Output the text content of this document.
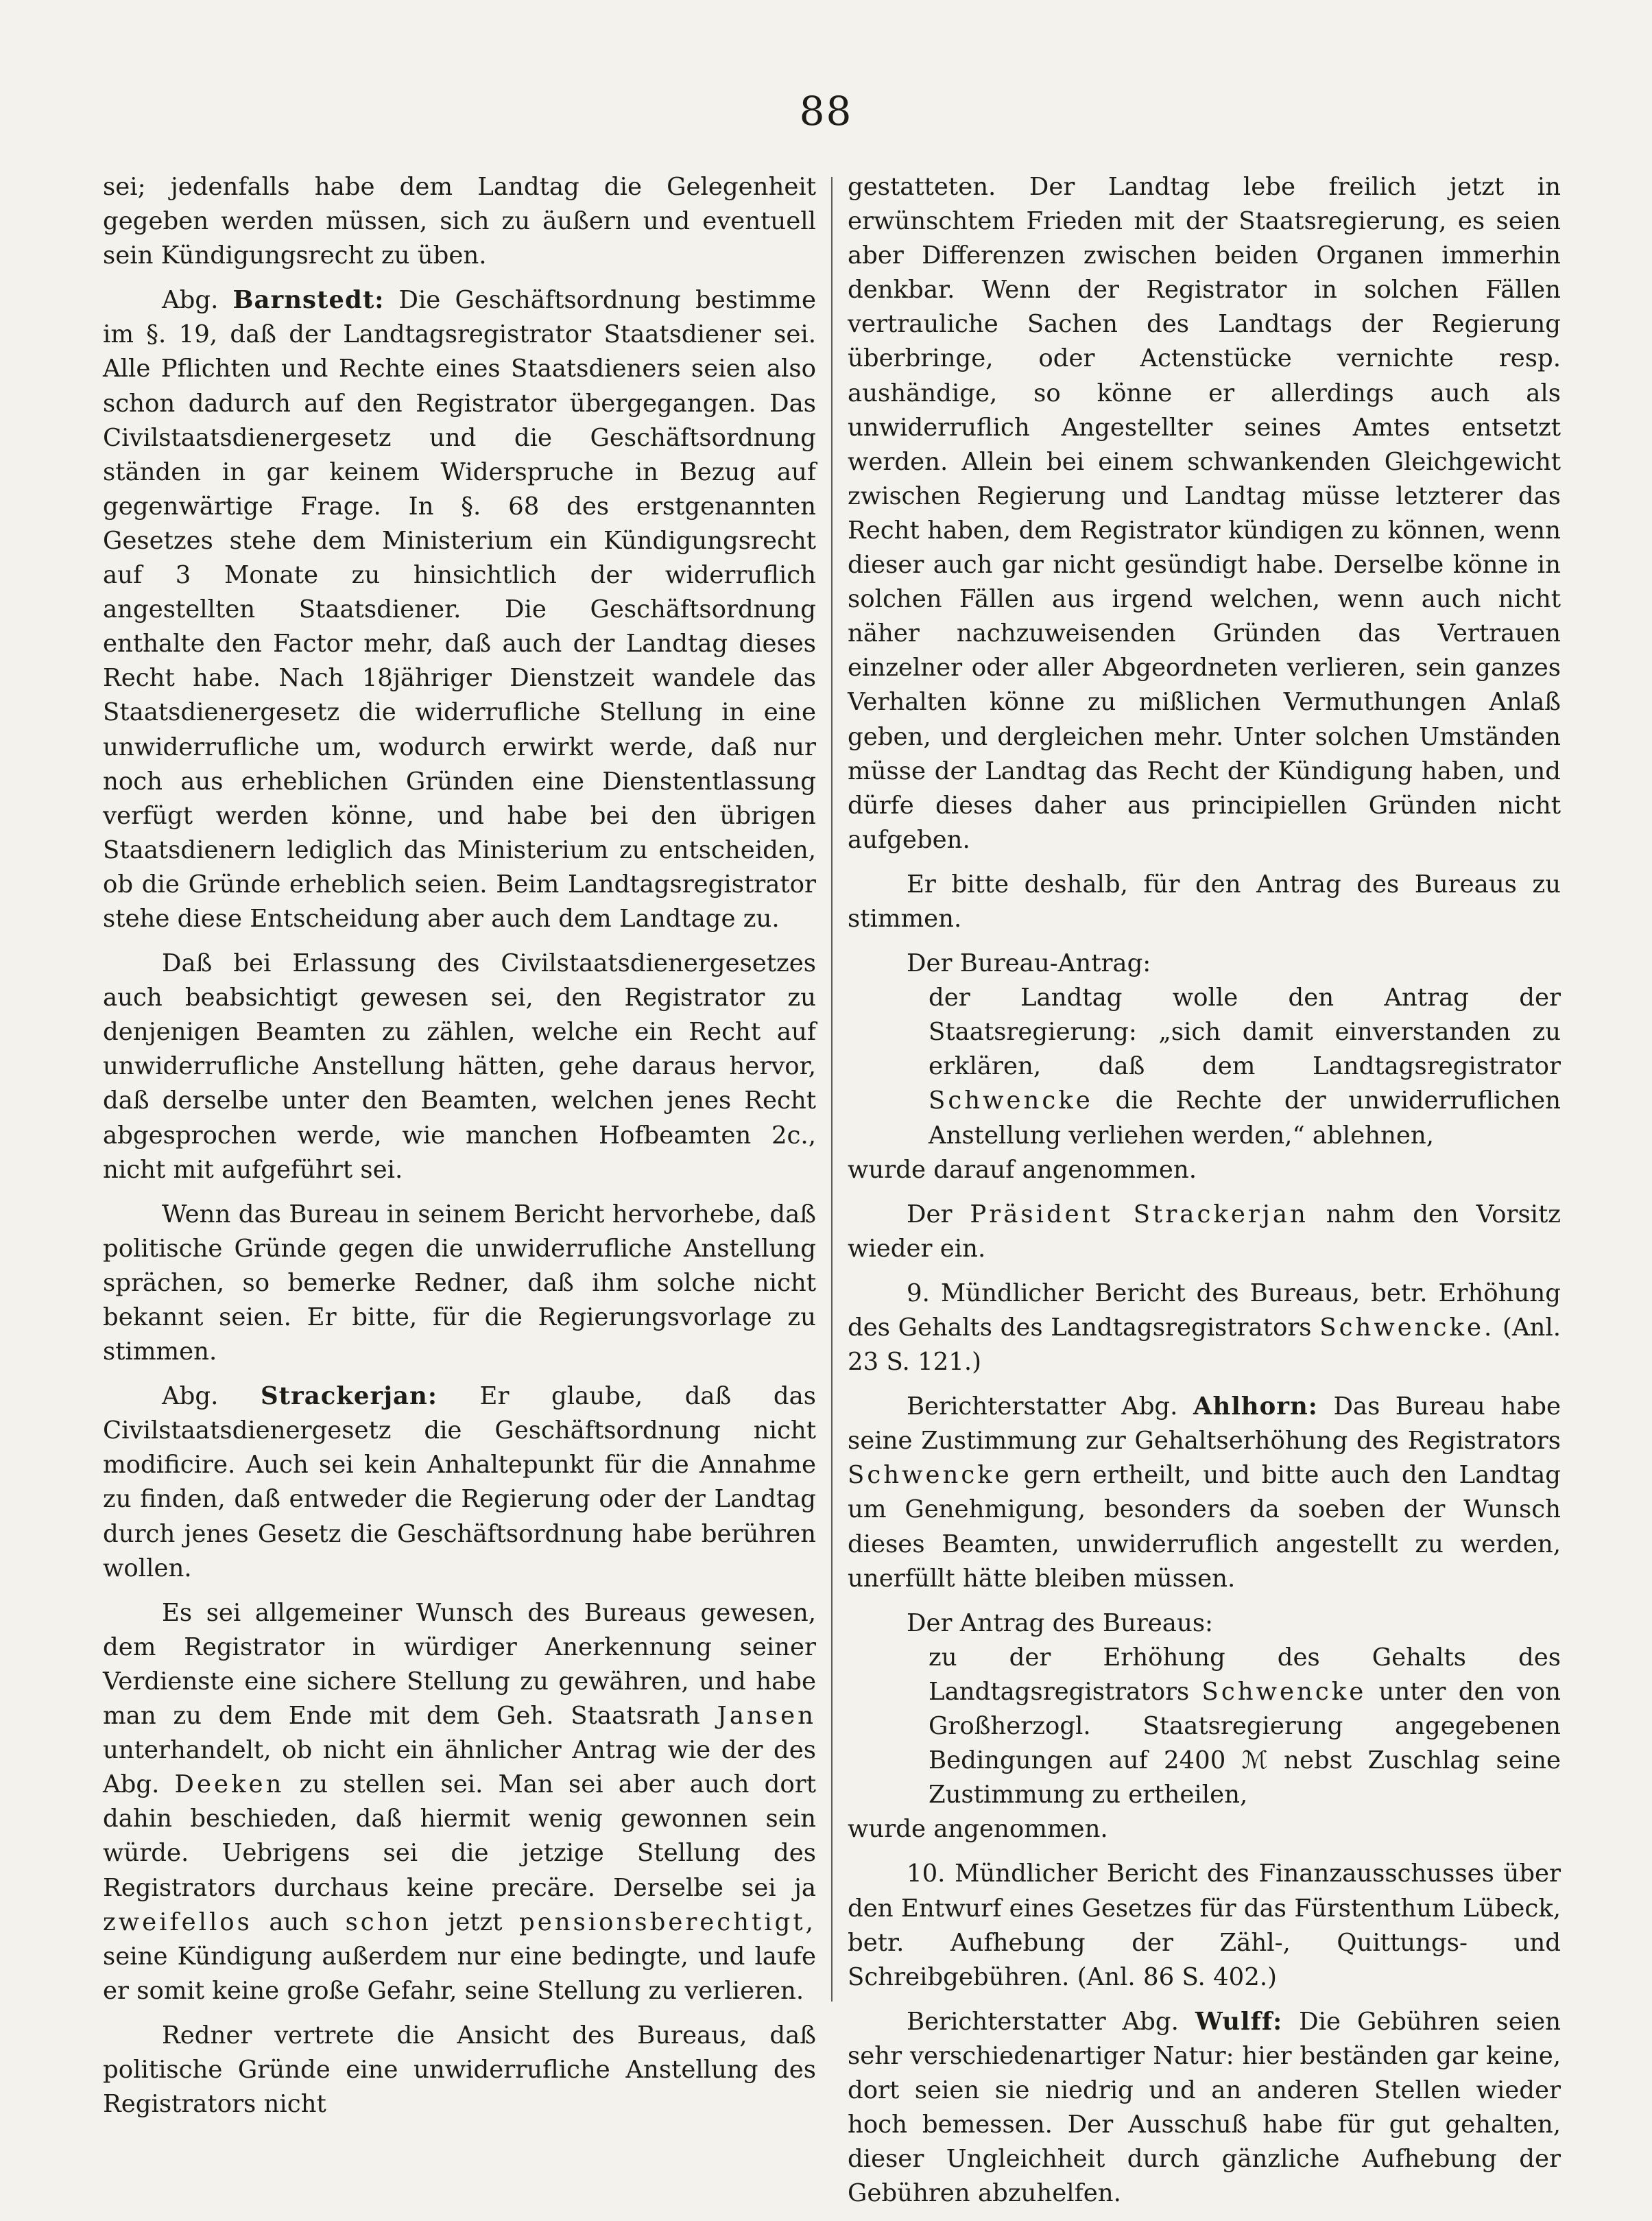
88

sei; jedenfalls habe dem Landtag die Gelegenheit gegeben werden müssen, sich zu äußern und eventuell sein Kündigungsrecht zu üben.

Abg. Barnstedt: Die Geschäftsordnung bestimme im §. 19, daß der Landtagsregistrator Staatsdiener sei. Alle Pflichten und Rechte eines Staatsdieners seien also schon dadurch auf den Registrator übergegangen. Das Civilstaatsdienergesetz und die Geschäftsordnung ständen in gar keinem Widerspruche in Bezug auf gegenwärtige Frage. In §. 68 des erstgenannten Gesetzes stehe dem Ministerium ein Kündigungsrecht auf 3 Monate zu hinsichtlich der widerruflich angestellten Staatsdiener. Die Geschäftsordnung enthalte den Factor mehr, daß auch der Landtag dieses Recht habe. Nach 18jähriger Dienstzeit wandele das Staatsdienergesetz die widerrufliche Stellung in eine unwiderrufliche um, wodurch erwirkt werde, daß nur noch aus erheblichen Gründen eine Dienstentlassung verfügt werden könne, und habe bei den übrigen Staatsdienern lediglich das Ministerium zu entscheiden, ob die Gründe erheblich seien. Beim Landtagsregistrator stehe diese Entscheidung aber auch dem Landtage zu.

Daß bei Erlassung des Civilstaatsdienergesetzes auch beabsichtigt gewesen sei, den Registrator zu denjenigen Beamten zu zählen, welche ein Recht auf unwiderrufliche Anstellung hätten, gehe daraus hervor, daß derselbe unter den Beamten, welchen jenes Recht abgesprochen werde, wie manchen Hofbeamten 2c., nicht mit aufgeführt sei.

Wenn das Bureau in seinem Bericht hervorhebe, daß politische Gründe gegen die unwiderrufliche Anstellung sprächen, so bemerke Redner, daß ihm solche nicht bekannt seien. Er bitte, für die Regierungsvorlage zu stimmen.

Abg. Strackerjan: Er glaube, daß das Civilstaatsdienergesetz die Geschäftsordnung nicht modificire. Auch sei kein Anhaltepunkt für die Annahme zu finden, daß entweder die Regierung oder der Landtag durch jenes Gesetz die Geschäftsordnung habe berühren wollen.

Es sei allgemeiner Wunsch des Bureaus gewesen, dem Registrator in würdiger Anerkennung seiner Verdienste eine sichere Stellung zu gewähren, und habe man zu dem Ende mit dem Geh. Staatsrath Jansen unterhandelt, ob nicht ein ähnlicher Antrag wie der des Abg. Deeken zu stellen sei. Man sei aber auch dort dahin beschieden, daß hiermit wenig gewonnen sein würde. Uebrigens sei die jetzige Stellung des Registrators durchaus keine precäre. Derselbe sei ja zweifellos auch schon jetzt pensionsberechtigt, seine Kündigung außerdem nur eine bedingte, und laufe er somit keine große Gefahr, seine Stellung zu verlieren.

Redner vertrete die Ansicht des Bureaus, daß politische Gründe eine unwiderrufliche Anstellung des Registrators nicht

gestatteten. Der Landtag lebe freilich jetzt in erwünschtem Frieden mit der Staatsregierung, es seien aber Differenzen zwischen beiden Organen immerhin denkbar. Wenn der Registrator in solchen Fällen vertrauliche Sachen des Landtags der Regierung überbringe, oder Actenstücke vernichte resp. aushändige, so könne er allerdings auch als unwiderruflich Angestellter seines Amtes entsetzt werden. Allein bei einem schwankenden Gleichgewicht zwischen Regierung und Landtag müsse letzterer das Recht haben, dem Registrator kündigen zu können, wenn dieser auch gar nicht gesündigt habe. Derselbe könne in solchen Fällen aus irgend welchen, wenn auch nicht näher nachzuweisenden Gründen das Vertrauen einzelner oder aller Abgeordneten verlieren, sein ganzes Verhalten könne zu mißlichen Vermuthungen Anlaß geben, und dergleichen mehr. Unter solchen Umständen müsse der Landtag das Recht der Kündigung haben, und dürfe dieses daher aus principiellen Gründen nicht aufgeben.

Er bitte deshalb, für den Antrag des Bureaus zu stimmen.

Der Bureau-Antrag:

der Landtag wolle den Antrag der Staatsregierung: „sich damit einverstanden zu erklären, daß dem Landtagsregistrator Schwencke die Rechte der unwiderruflichen Anstellung verliehen werden,“ ablehnen,

wurde darauf angenommen.

Der Präsident Strackerjan nahm den Vorsitz wieder ein.

9. Mündlicher Bericht des Bureaus, betr. Erhöhung des Gehalts des Landtagsregistrators Schwencke. (Anl. 23 S. 121.)

Berichterstatter Abg. Ahlhorn: Das Bureau habe seine Zustimmung zur Gehaltserhöhung des Registrators Schwencke gern ertheilt, und bitte auch den Landtag um Genehmigung, besonders da soeben der Wunsch dieses Beamten, unwiderruflich angestellt zu werden, unerfüllt hätte bleiben müssen.

Der Antrag des Bureaus:

zu der Erhöhung des Gehalts des Landtagsregistrators Schwencke unter den von Großherzogl. Staatsregierung angegebenen Bedingungen auf 2400 ℳ nebst Zuschlag seine Zustimmung zu ertheilen,

wurde angenommen.

10. Mündlicher Bericht des Finanzausschusses über den Entwurf eines Gesetzes für das Fürstenthum Lübeck, betr. Aufhebung der Zähl-, Quittungs- und Schreibgebühren. (Anl. 86 S. 402.)

Berichterstatter Abg. Wulff: Die Gebühren seien sehr verschiedenartiger Natur: hier beständen gar keine, dort seien sie niedrig und an anderen Stellen wieder hoch bemessen. Der Ausschuß habe für gut gehalten, dieser Ungleichheit durch gänzliche Aufhebung der Gebühren abzuhelfen.
